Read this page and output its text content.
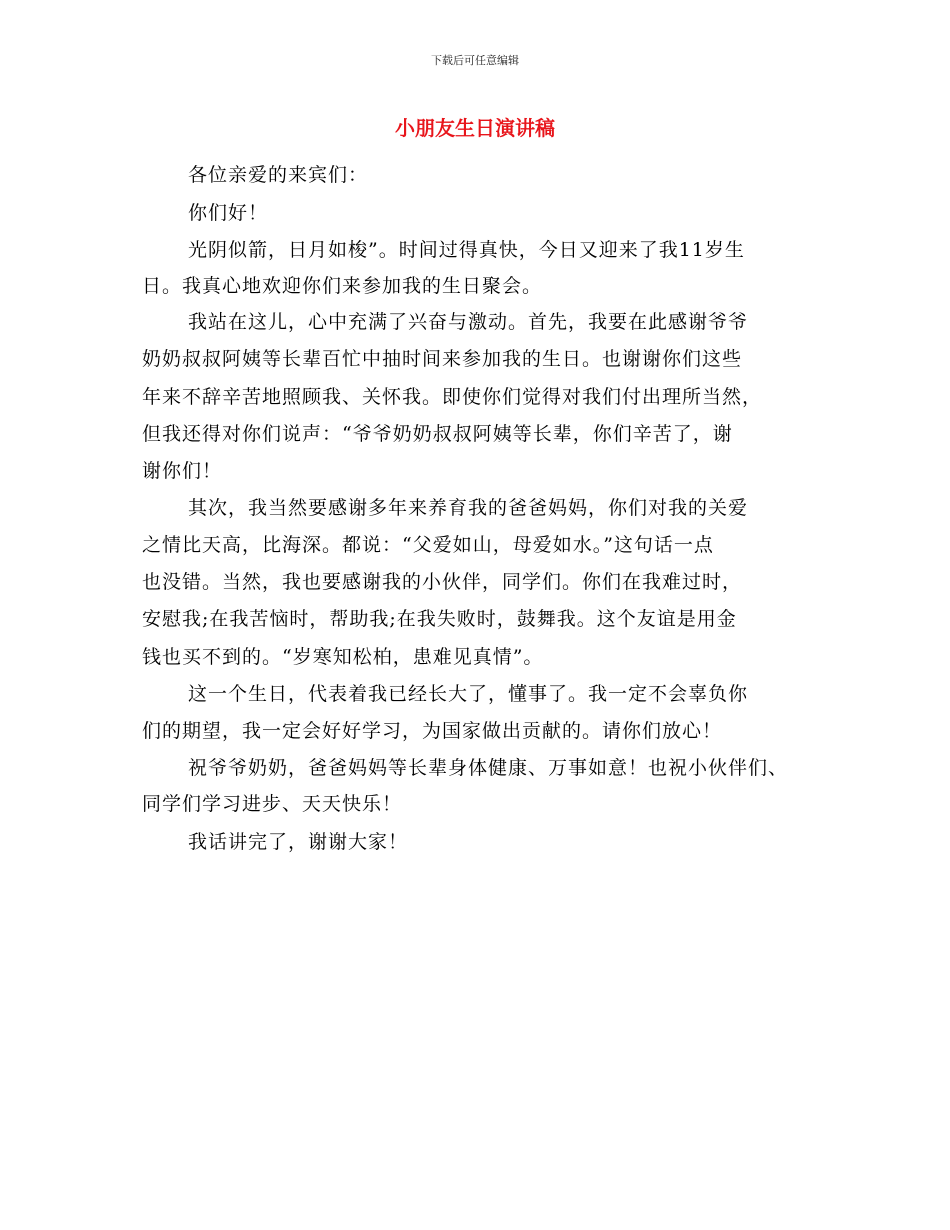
下载后可任意编辑
小朋友生日演讲稿
各位亲爱的来宾们：
你们好！
光阴似箭，日月如梭”。时间过得真快，今日又迎来了我11岁生
日。我真心地欢迎你们来参加我的生日聚会。
我站在这儿，心中充满了兴奋与激动。首先，我要在此感谢爷爷
奶奶叔叔阿姨等长辈百忙中抽时间来参加我的生日。也谢谢你们这些
年来不辞辛苦地照顾我、关怀我。即使你们觉得对我们付出理所当然，
但我还得对你们说声：“爷爷奶奶叔叔阿姨等长辈，你们辛苦了，谢
谢你们！
其次，我当然要感谢多年来养育我的爸爸妈妈，你们对我的关爱
之情比天高，比海深。都说：“父爱如山，母爱如水。”这句话一点
也没错。当然，我也要感谢我的小伙伴，同学们。你们在我难过时，
安慰我;在我苦恼时，帮助我;在我失败时，鼓舞我。这个友谊是用金
钱也买不到的。“岁寒知松柏，患难见真情”。
这一个生日，代表着我已经长大了，懂事了。我一定不会辜负你
们的期望，我一定会好好学习，为国家做出贡献的。请你们放心！
祝爷爷奶奶，爸爸妈妈等长辈身体健康、万事如意！也祝小伙伴们、
同学们学习进步、天天快乐！
我话讲完了，谢谢大家！
